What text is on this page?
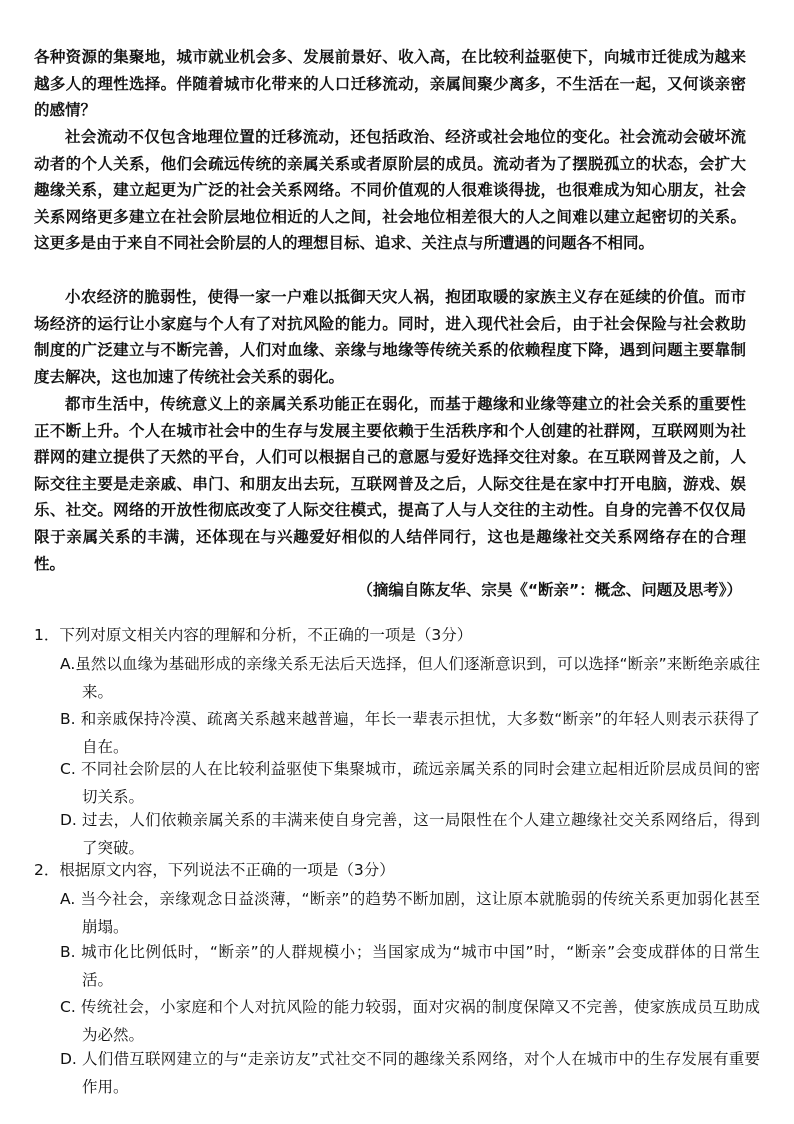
各种资源的集聚地，城市就业机会多、发展前景好、收入高，在比较利益驱使下，向城市迁徙成为越来越多人的理性选择。伴随着城市化带来的人口迁移流动，亲属间聚少离多，不生活在一起，又何谈亲密的感情？

社会流动不仅包含地理位置的迁移流动，还包括政治、经济或社会地位的变化。社会流动会破坏流动者的个人关系，他们会疏远传统的亲属关系或者原阶层的成员。流动者为了摆脱孤立的状态，会扩大趣缘关系，建立起更为广泛的社会关系网络。不同价值观的人很难谈得拢，也很难成为知心朋友，社会关系网络更多建立在社会阶层地位相近的人之间，社会地位相差很大的人之间难以建立起密切的关系。这更多是由于来自不同社会阶层的人的理想目标、追求、关注点与所遭遇的问题各不相同。

小农经济的脆弱性，使得一家一户难以抵御天灾人祸，抱团取暖的家族主义存在延续的价值。而市场经济的运行让小家庭与个人有了对抗风险的能力。同时，进入现代社会后，由于社会保险与社会救助制度的广泛建立与不断完善，人们对血缘、亲缘与地缘等传统关系的依赖程度下降，遇到问题主要靠制度去解决，这也加速了传统社会关系的弱化。

都市生活中，传统意义上的亲属关系功能正在弱化，而基于趣缘和业缘等建立的社会关系的重要性正不断上升。个人在城市社会中的生存与发展主要依赖于生活秩序和个人创建的社群网，互联网则为社群网的建立提供了天然的平台，人们可以根据自己的意愿与爱好选择交往对象。在互联网普及之前，人际交往主要是走亲戚、串门、和朋友出去玩，互联网普及之后，人际交往是在家中打开电脑，游戏、娱乐、社交。网络的开放性彻底改变了人际交往模式，提高了人与人交往的主动性。自身的完善不仅仅局限于亲属关系的丰满，还体现在与兴趣爱好相似的人结伴同行，这也是趣缘社交关系网络存在的合理性。

（摘编自陈友华、宗昊《“断亲”：概念、问题及思考》）

1．下列对原文相关内容的理解和分析，不正确的一项是（3分）

A.虽然以血缘为基础形成的亲缘关系无法后天选择，但人们逐渐意识到，可以选择“断亲”来断绝亲戚往来。

B. 和亲戚保持冷漠、疏离关系越来越普遍，年长一辈表示担忧，大多数“断亲”的年轻人则表示获得了自在。

C. 不同社会阶层的人在比较利益驱使下集聚城市，疏远亲属关系的同时会建立起相近阶层成员间的密切关系。

D. 过去，人们依赖亲属关系的丰满来使自身完善，这一局限性在个人建立趣缘社交关系网络后，得到了突破。

2．根据原文内容，下列说法不正确的一项是（3分）

A. 当今社会，亲缘观念日益淡薄，“断亲”的趋势不断加剧，这让原本就脆弱的传统关系更加弱化甚至崩塌。

B. 城市化比例低时，“断亲”的人群规模小；当国家成为“城市中国”时，“断亲”会变成群体的日常生活。

C. 传统社会，小家庭和个人对抗风险的能力较弱，面对灾祸的制度保障又不完善，使家族成员互助成为必然。

D. 人们借互联网建立的与“走亲访友”式社交不同的趣缘关系网络，对个人在城市中的生存发展有重要作用。
